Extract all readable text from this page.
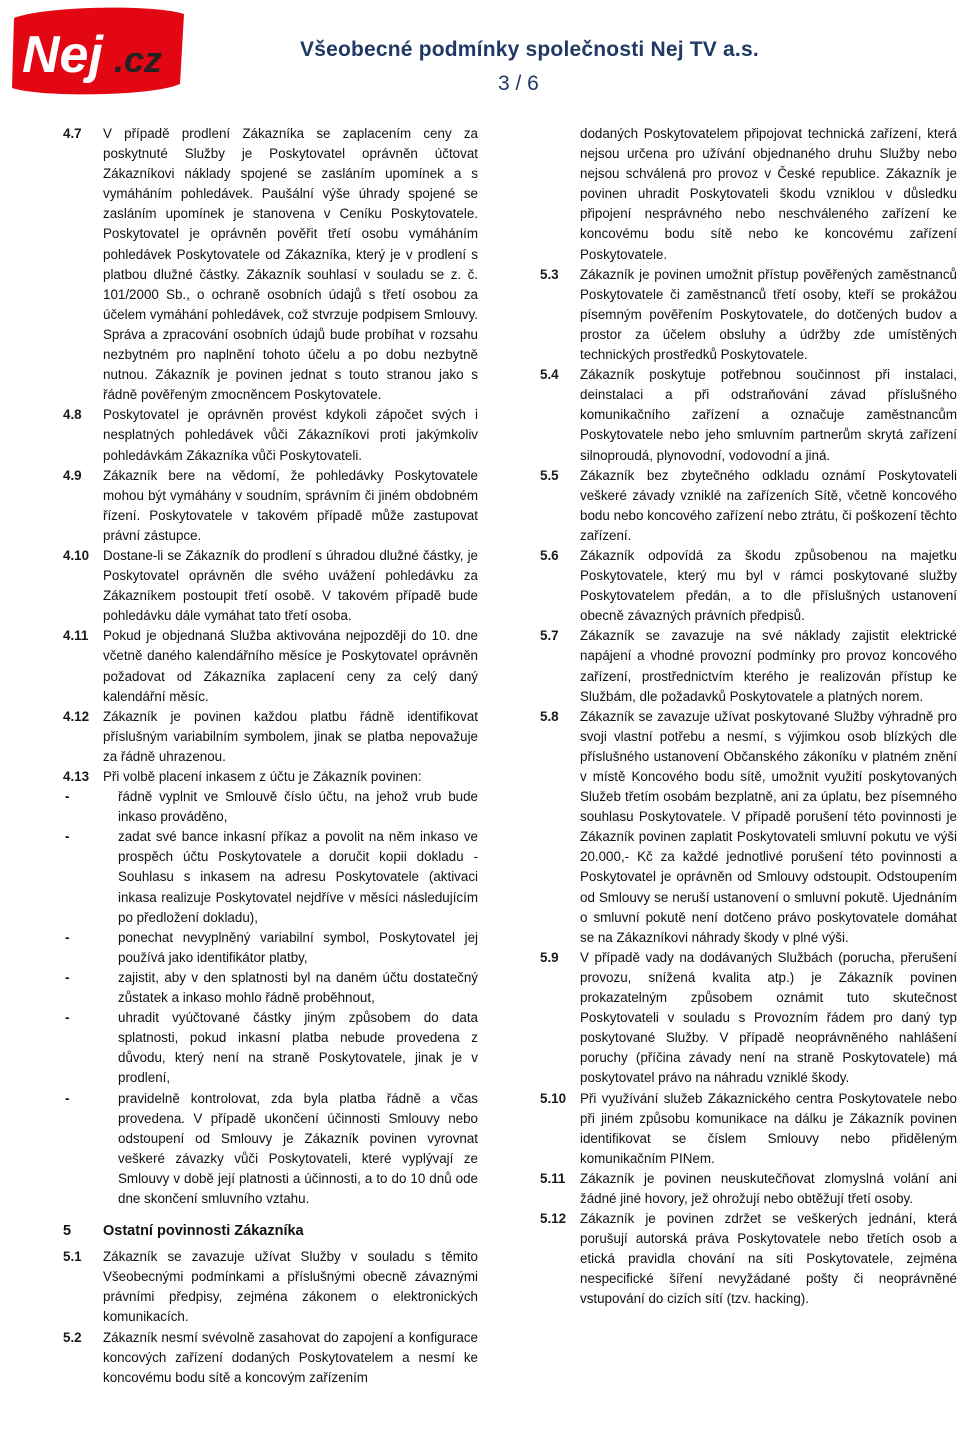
Nej .cz	Všeobecné podmínky společnosti Nej TV a.s.
3 / 6
4.7	V případě prodlení Zákazníka se zaplacením ceny za poskytnuté Služby je Poskytovatel oprávněn účtovat Zákazníkovi náklady spojené se zasláním upomínek a s vymáháním pohledávek. Paušální výše úhrady spojené se zasláním upomínek je stanovena v Ceníku Poskytovatele. Poskytovatel je oprávněn pověřit třetí osobu vymáháním pohledávek Poskytovatele od Zákazníka, který je v prodlení s platbou dlužné částky. Zákazník souhlasí v souladu se z. č. 101/2000 Sb., o ochraně osobních údajů s třetí osobou za účelem vymáhání pohledávek, což stvrzuje podpisem Smlouvy. Správa a zpracování osobních údajů bude probíhat v rozsahu nezbytném pro naplnění tohoto účelu a po dobu nezbytně nutnou. Zákazník je povinen jednat s touto stranou jako s řádně pověřeným zmocněncem Poskytovatele.
4.8	Poskytovatel je oprávněn provést kdykoli zápočet svých i nesplatných pohledávek vůči Zákazníkovi proti jakýmkoliv pohledávkám Zákazníka vůči Poskytovateli.
4.9	Zákazník bere na vědomí, že pohledávky Poskytovatele mohou být vymáhány v soudním, správním či jiném obdobném řízení. Poskytovatele v takovém případě může zastupovat právní zástupce.
4.10	Dostane-li se Zákazník do prodlení s úhradou dlužné částky, je Poskytovatel oprávněn dle svého uvážení pohledávku za Zákazníkem postoupit třetí osobě. V takovém případě bude pohledávku dále vymáhat tato třetí osoba.
4.11	Pokud je objednaná Služba aktivována nejpozději do 10. dne včetně daného kalendářního měsíce je Poskytovatel oprávněn požadovat od Zákazníka zaplacení ceny za celý daný kalendářní měsíc.
4.12	Zákazník je povinen každou platbu řádně identifikovat příslušným variabilním symbolem, jinak se platba nepovažuje za řádně uhrazenou.
4.13	Při volbě placení inkasem z účtu je Zákazník povinen:
-	řádně vyplnit ve Smlouvě číslo účtu, na jehož vrub bude inkaso prováděno,
-	zadat své bance inkasní příkaz a povolit na něm inkaso ve prospěch účtu Poskytovatele a doručit kopii dokladu - Souhlasu s inkasem na adresu Poskytovatele (aktivaci inkasa realizuje Poskytovatel nejdříve v měsíci následujícím po předložení dokladu),
-	ponechat nevyplněný variabilní symbol, Poskytovatel jej používá jako identifikátor platby,
-	zajistit, aby v den splatnosti byl na daném účtu dostatečný zůstatek a inkaso mohlo řádně proběhnout,
-	uhradit vyúčtované částky jiným způsobem do data splatnosti, pokud inkasní platba nebude provedena z důvodu, který není na straně Poskytovatele, jinak je v prodlení,
-	pravidelně kontrolovat, zda byla platba řádně a včas provedena. V případě ukončení účinnosti Smlouvy nebo odstoupení od Smlouvy je Zákazník povinen vyrovnat veškeré závazky vůči Poskytovateli, které vyplývají ze Smlouvy v době její platnosti a účinnosti, a to do 10 dnů ode dne skončení smluvního vztahu.
5	Ostatní povinnosti Zákazníka
5.1	Zákazník se zavazuje užívat Služby v souladu s těmito Všeobecnými podmínkami a příslušnými obecně závaznými právními předpisy, zejména zákonem o elektronických komunikacích.
5.2	Zákazník nesmí svévolně zasahovat do zapojení a konfigurace koncových zařízení dodaných Poskytovatelem a nesmí ke koncovému bodu sítě a koncovým zařízením
dodaných Poskytovatelem připojovat technická zařízení, která nejsou určena pro užívání objednaného druhu Služby nebo nejsou schválená pro provoz v České republice. Zákazník je povinen uhradit Poskytovateli škodu vzniklou v důsledku připojení nesprávného nebo neschváleného zařízení ke koncovému bodu sítě nebo ke koncovému zařízení Poskytovatele.
5.3	Zákazník je povinen umožnit přístup pověřených zaměstnanců Poskytovatele či zaměstnanců třetí osoby, kteří se prokážou písemným pověřením Poskytovatele, do dotčených budov a prostor za účelem obsluhy a údržby zde umístěných technických prostředků Poskytovatele.
5.4	Zákazník poskytuje potřebnou součinnost při instalaci, deinstalaci a při odstraňování závad příslušného komunikačního zařízení a označuje zaměstnancům Poskytovatele nebo jeho smluvním partnerům skrytá zařízení silnoproudá, plynovodní, vodovodní a jiná.
5.5	Zákazník bez zbytečného odkladu oznámí Poskytovateli veškeré závady vzniklé na zařízeních Sítě, včetně koncového bodu nebo koncového zařízení nebo ztrátu, či poškození těchto zařízení.
5.6	Zákazník odpovídá za škodu způsobenou na majetku Poskytovatele, který mu byl v rámci poskytované služby Poskytovatelem předán, a to dle příslušných ustanovení obecně závazných právních předpisů.
5.7	Zákazník se zavazuje na své náklady zajistit elektrické napájení a vhodné provozní podmínky pro provoz koncového zařízení, prostřednictvím kterého je realizován přístup ke Službám, dle požadavků Poskytovatele a platných norem.
5.8	Zákazník se zavazuje užívat poskytované Služby výhradně pro svoji vlastní potřebu a nesmí, s výjimkou osob blízkých dle příslušného ustanovení Občanského zákoníku v platném znění v místě Koncového bodu sítě, umožnit využití poskytovaných Služeb třetím osobám bezplatně, ani za úplatu, bez písemného souhlasu Poskytovatele. V případě porušení této povinnosti je Zákazník povinen zaplatit Poskytovateli smluvní pokutu ve výši 20.000,- Kč za každé jednotlivé porušení této povinnosti a Poskytovatel je oprávněn od Smlouvy odstoupit. Odstoupením od Smlouvy se neruší ustanovení o smluvní pokutě. Ujednáním o smluvní pokutě není dotčeno právo poskytovatele domáhat se na Zákazníkovi náhrady škody v plné výši.
5.9	V případě vady na dodávaných Službách (porucha, přerušení provozu, snížená kvalita atp.) je Zákazník povinen prokazatelným způsobem oznámit tuto skutečnost Poskytovateli v souladu s Provozním řádem pro daný typ poskytované Služby. V případě neoprávněného nahlášení poruchy (příčina závady není na straně Poskytovatele) má poskytovatel právo na náhradu vzniklé škody.
5.10	Při využívání služeb Zákaznického centra Poskytovatele nebo při jiném způsobu komunikace na dálku je Zákazník povinen identifikovat se číslem Smlouvy nebo přiděleným komunikačním PINem.
5.11	Zákazník je povinen neuskutečňovat zlomyslná volání ani žádné jiné hovory, jež ohrožují nebo obtěžují třetí osoby.
5.12	Zákazník je povinen zdržet se veškerých jednání, která porušují autorská práva Poskytovatele nebo třetích osob a etická pravidla chování na síti Poskytovatele, zejména nespecifické šíření nevyžádané pošty či neoprávněné vstupování do cizích sítí (tzv. hacking).
